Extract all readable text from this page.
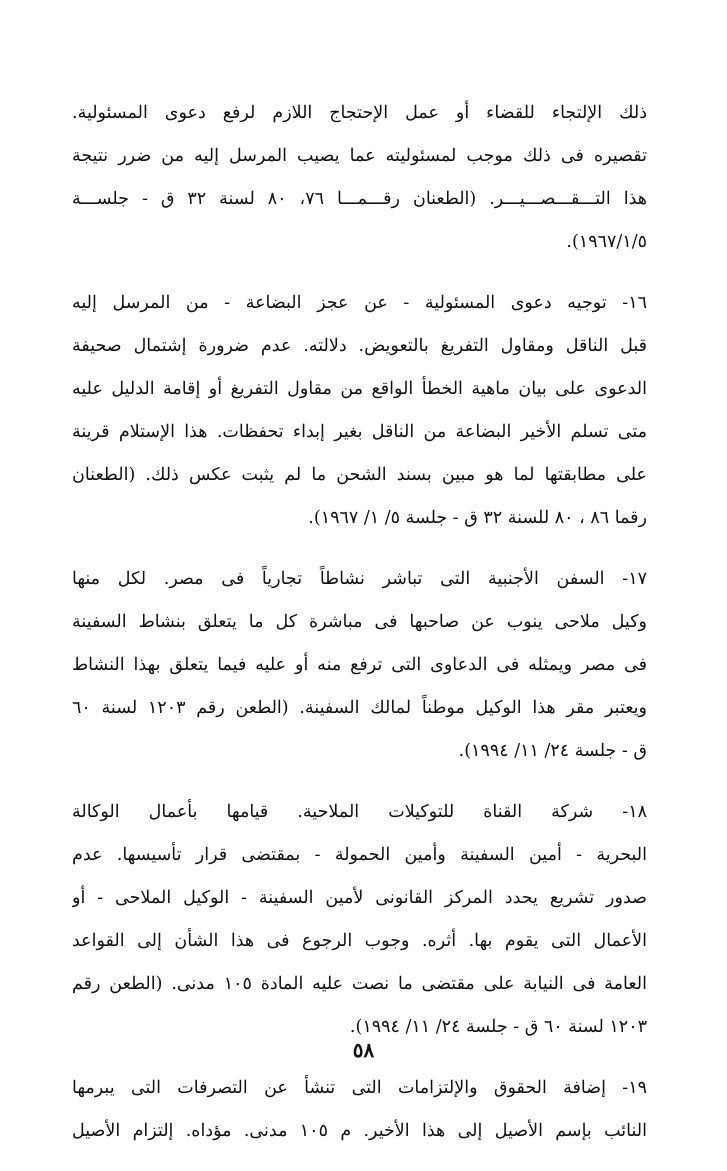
ذلك الإلتجاء للقضاء أو عمل الإحتجاج اللازم لرفع دعوى المسئولية.
تقصيره فى ذلك موجب لمسئوليته عما يصيب المرسل إليه من ضرر نتيجة
هذا التـــقـــصـــيـــر. (الطعنان رقـــمـــا ٧٦، ٨٠ لسنة ٣٢ ق - جلســـة
١٩٦٧/١/٥).
١٦- توجيه دعوى المسئولية - عن عجز البضاعة - من المرسل إليه
قبل الناقل ومقاول التفريغ بالتعويض. دلالته. عدم ضرورة إشتمال صحيفة
الدعوى على بيان ماهية الخطأ الواقع من مقاول التفريغ أو إقامة الدليل عليه
متى تسلم الأخير البضاعة من الناقل بغير إبداء تحفظات. هذا الإستلام قرينة
على مطابقتها لما هو مبين بسند الشحن ما لم يثبت عكس ذلك. (الطعنان
رقما ٨٦ ، ٨٠ للسنة ٣٢ ق - جلسة ٥/ ١/ ١٩٦٧).
١٧- السفن الأجنبية التى تباشر نشاطاً تجارياً فى مصر. لكل منها
وكيل ملاحى ينوب عن صاحبها فى مباشرة كل ما يتعلق بنشاط السفينة
فى مصر ويمثله فى الدعاوى التى ترفع منه أو عليه فيما يتعلق بهذا النشاط
ويعتبر مقر هذا الوكيل موطناً لمالك السفينة. (الطعن رقم ١٢٠٣ لسنة ٦٠
ق - جلسة ٢٤/ ١١/ ١٩٩٤).
١٨- شركة القناة للتوكيلات الملاحية. قيامها بأعمال الوكالة
البحرية - أمين السفينة وأمين الحمولة - بمقتضى قرار تأسيسها. عدم
صدور تشريع يحدد المركز القانونى لأمين السفينة - الوكيل الملاحى - أو
الأعمال التى يقوم بها. أثره. وجوب الرجوع فى هذا الشأن إلى القواعد
العامة فى النيابة على مقتضى ما نصت عليه المادة ١٠٥ مدنى. (الطعن رقم
١٢٠٣ لسنة ٦٠ ق - جلسة ٢٤/ ١١/ ١٩٩٤).
١٩- إضافة الحقوق والإلتزامات التى تنشأ عن التصرفات التى يبرمها
النائب بإسم الأصيل إلى هذا الأخير. م ١٠٥ مدنى. مؤداه. إلتزام الأصيل
٥٨
